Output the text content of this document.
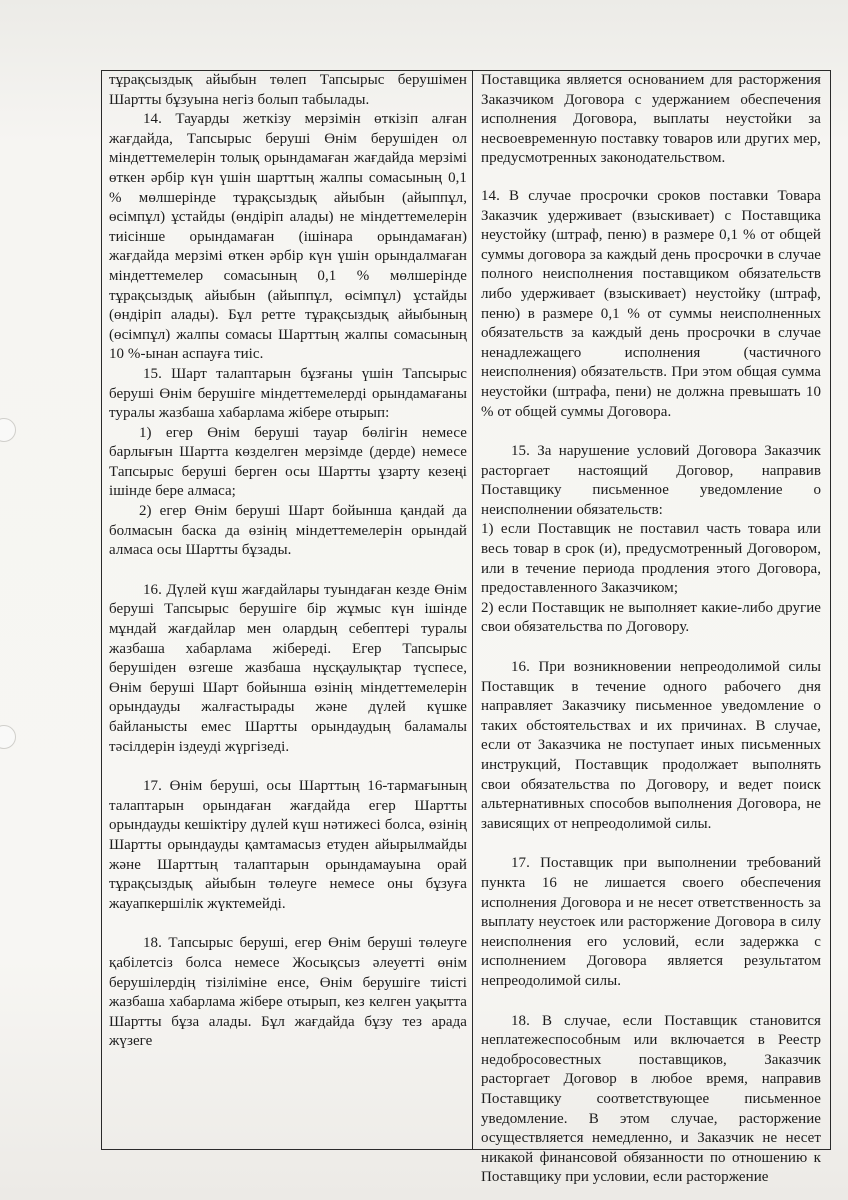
тұрақсыздық айыбын төлеп Тапсырыс берушімен Шартты бұзуына негіз болып табылады.

14. Тауарды жеткізу мерзімін өткізіп алған жағдайда, Тапсырыс беруші Өнім берушіден ол міндеттемелерін толық орындамаған жағдайда мерзімі өткен әрбір күн үшін шарттың жалпы сомасының 0,1 % мөлшерінде тұрақсыздық айыбын (айыппұл, өсімпұл) ұстайды (өндіріп алады) не міндеттемелерін тиісінше орындамаған (ішінара орындамаған) жағдайда мерзімі өткен әрбір күн үшін орындалмаған міндеттемелер сомасының 0,1 % мөлшерінде тұрақсыздық айыбын (айыппұл, өсімпұл) ұстайды (өндіріп алады). Бұл ретте тұрақсыздық айыбының (өсімпұл) жалпы сомасы Шарттың жалпы сомасының 10 %-ынан аспауға тиіс.

15. Шарт талаптарын бұзғаны үшін Тапсырыс беруші Өнім берушіге міндеттемелерді орындамағаны туралы жазбаша хабарлама жібере отырып:

1) егер Өнім беруші тауар бөлігін немесе барлығын Шартта көзделген мерзімде (дерде) немесе Тапсырыс беруші берген осы Шартты ұзарту кезеңі ішінде бере алмаса;

2) егер Өнім беруші Шарт бойынша қандай да болмасын баска да өзінің міндеттемелерін орындай алмаса осы Шартты бұзады.

16. Дүлей күш жағдайлары туындаған кезде Өнім беруші Тапсырыс берушіге бір жұмыс күн ішінде мұндай жағдайлар мен олардың себептері туралы жазбаша хабарлама жібереді. Егер Тапсырыс берушіден өзгеше жазбаша нұсқаулықтар түспесе, Өнім беруші Шарт бойынша өзінің міндеттемелерін орындауды жалғастырады және дүлей күшке байланысты емес Шартты орындаудың баламалы тәсілдерін іздеуді жүргізеді.

17. Өнім беруші, осы Шарттың 16-тармағының талаптарын орындаған жағдайда егер Шартты орындауды кешіктіру дүлей күш нәтижесі болса, өзінің Шартты орындауды қамтамасыз етуден айырылмайды және Шарттың талаптарын орындамауына орай тұрақсыздық айыбын төлеуге немесе оны бұзуға жауапкершілік жүктемейді.

18. Тапсырыс беруші, егер Өнім беруші төлеуге қабілетсіз болса немесе Жосықсыз әлеуетті өнім берушілердің тізіліміне енсе, Өнім берушіге тиісті жазбаша хабарлама жібере отырып, кез келген уақытта Шартты бұза алады. Бұл жағдайда бұзу тез арада жүзеге

Поставщика является основанием для расторжения Заказчиком Договора с удержанием обеспечения исполнения Договора, выплаты неустойки за несвоевременную поставку товаров или других мер, предусмотренных законодательством.

14. В случае просрочки сроков поставки Товара Заказчик удерживает (взыскивает) с Поставщика неустойку (штраф, пеню) в размере 0,1 % от общей суммы договора за каждый день просрочки в случае полного неисполнения поставщиком обязательств либо удерживает (взыскивает) неустойку (штраф, пеню) в размере 0,1 % от суммы неисполненных обязательств за каждый день просрочки в случае ненадлежащего исполнения (частичного неисполнения) обязательств. При этом общая сумма неустойки (штрафа, пени) не должна превышать 10 % от общей суммы Договора.

15. За нарушение условий Договора Заказчик расторгает настоящий Договор, направив Поставщику письменное уведомление о неисполнении обязательств:

1) если Поставщик не поставил часть товара или весь товар в срок (и), предусмотренный Договором, или в течение периода продления этого Договора, предоставленного Заказчиком;

2) если Поставщик не выполняет какие-либо другие свои обязательства по Договору.

16. При возникновении непреодолимой силы Поставщик в течение одного рабочего дня направляет Заказчику письменное уведомление о таких обстоятельствах и их причинах. В случае, если от Заказчика не поступает иных письменных инструкций, Поставщик продолжает выполнять свои обязательства по Договору, и ведет поиск альтернативных способов выполнения Договора, не зависящих от непреодолимой силы.

17. Поставщик при выполнении требований пункта 16 не лишается своего обеспечения исполнения Договора и не несет ответственность за выплату неустоек или расторжение Договора в силу неисполнения его условий, если задержка с исполнением Договора является результатом непреодолимой силы.

18. В случае, если Поставщик становится неплатежеспособным или включается в Реестр недобросовестных поставщиков, Заказчик расторгает Договор в любое время, направив Поставщику соответствующее письменное уведомление. В этом случае, расторжение осуществляется немедленно, и Заказчик не несет никакой финансовой обязанности по отношению к Поставщику при условии, если расторжение
